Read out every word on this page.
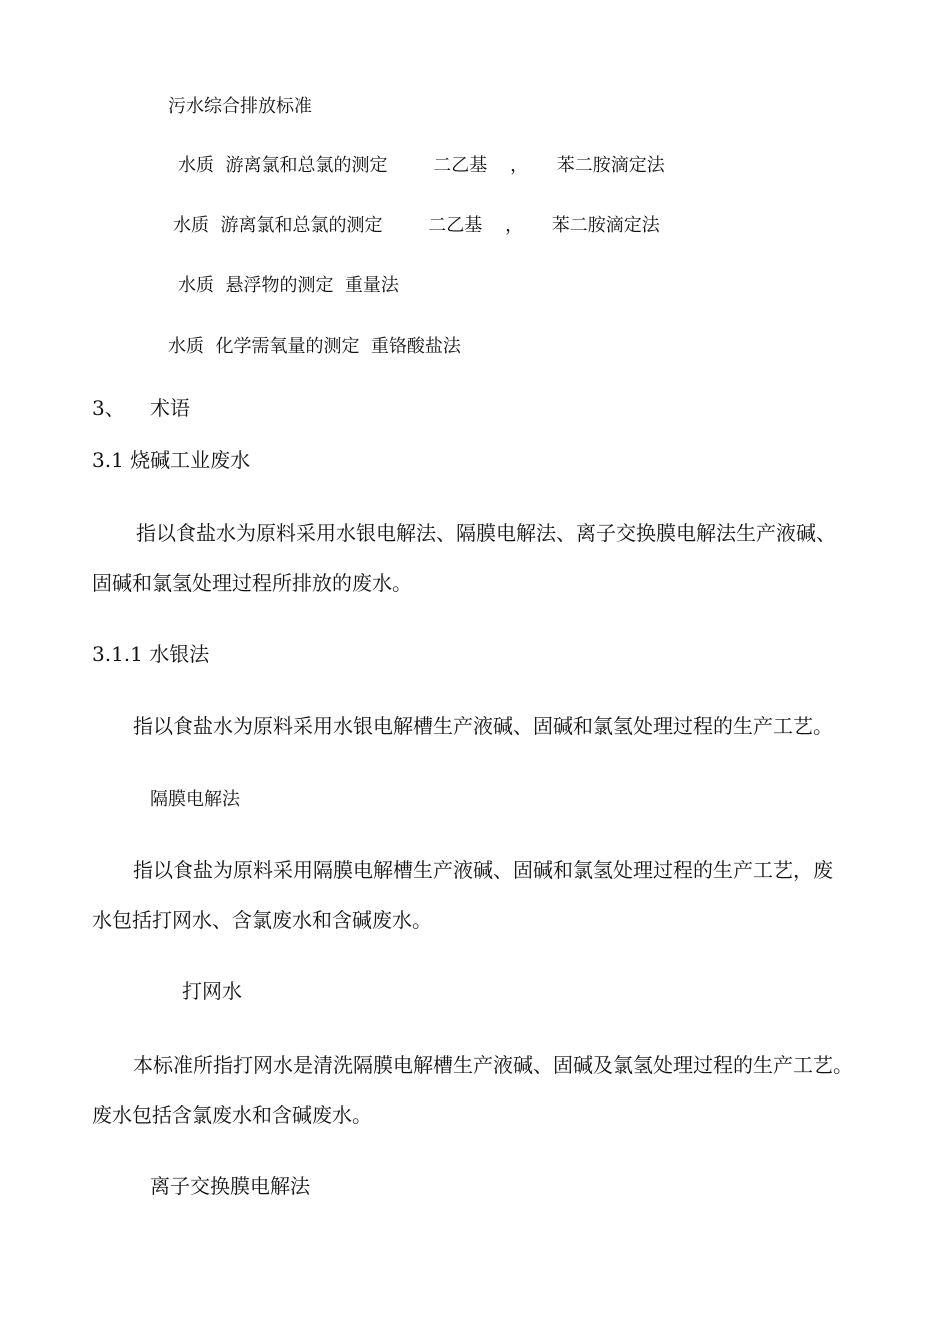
污水综合排放标准
水质  游离氯和总氯的测定        二乙基    ，     苯二胺滴定法
水质  游离氯和总氯的测定        二乙基    ，     苯二胺滴定法
水质  悬浮物的测定  重量法
水质  化学需氧量的测定  重铬酸盐法
3、 术语
3.1 烧碱工业废水
指以食盐水为原料采用水银电解法、隔膜电解法、离子交换膜电解法生产液碱、
固碱和氯氢处理过程所排放的废水。
3.1.1 水银法
指以食盐水为原料采用水银电解槽生产液碱、固碱和氯氢处理过程的生产工艺。
隔膜电解法
指以食盐为原料采用隔膜电解槽生产液碱、固碱和氯氢处理过程的生产工艺，废
水包括打网水、含氯废水和含碱废水。
打网水
本标准所指打网水是清洗隔膜电解槽生产液碱、固碱及氯氢处理过程的生产工艺。
废水包括含氯废水和含碱废水。
离子交换膜电解法
